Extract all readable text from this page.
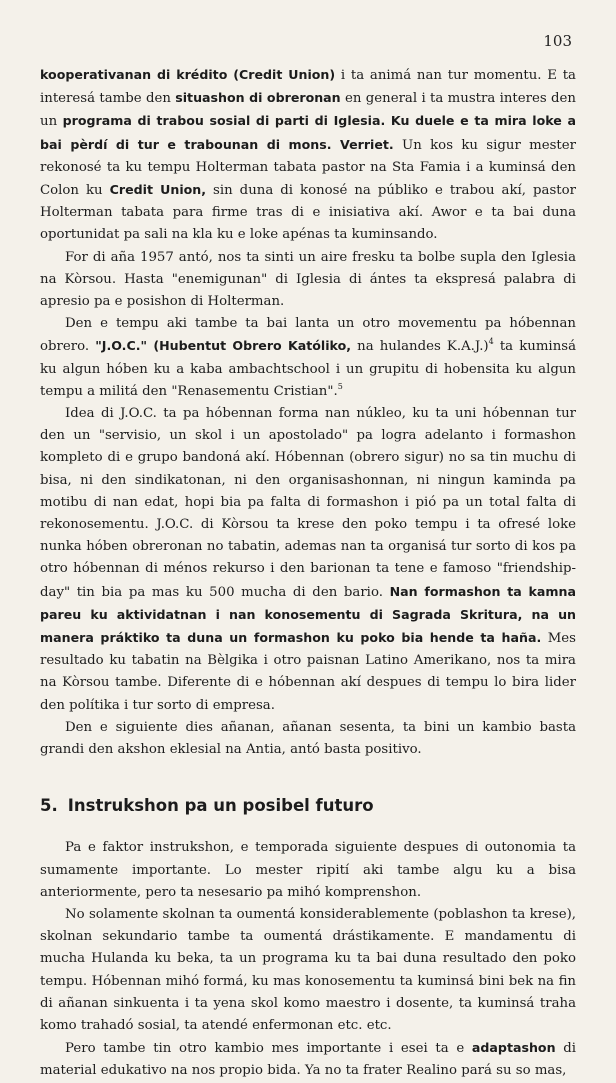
103

kooperativanan di krédito (Credit Union) i ta animá nan tur momentu. E ta interesá tambe den situashon di obreronan en general i ta mustra interes den un programa di trabou sosial di parti di Iglesia. Ku duele e ta mira loke a bai pèrdí di tur e trabounan di mons. Verriet. Un kos ku sigur mester rekonosé ta ku tempu Holterman tabata pastor na Sta Famia i a kuminsá den Colon ku Credit Union, sin duna di konosé na públiko e trabou akí, pastor Holterman tabata para firme tras di e inisiativa akí. Awor e ta bai duna oportunidat pa sali na kla ku e loke apénas ta kuminsando.

For di aña 1957 antó, nos ta sinti un aire fresku ta bolbe supla den Iglesia na Kòrsou. Hasta "enemigunan" di Iglesia di ántes ta ekspresá palabra di apresio pa e posishon di Holterman.

Den e tempu aki tambe ta bai lanta un otro movementu pa hóbennan obrero. "J.O.C." (Hubentut Obrero Katóliko, na hulandes K.A.J.)$^4$ ta kuminsá ku algun hóben ku a kaba ambachtschool i un grupitu di hobensita ku algun tempu a militá den "Renasementu Cristian".$^5$

Idea di J.O.C. ta pa hóbennan forma nan núkleo, ku ta uni hóbennan tur den un "servisio, un skol i un apostolado" pa logra adelanto i formashon kompleto di e grupo bandoná akí. Hóbennan (obrero sigur) no sa tin muchu di bisa, ni den sindikatonan, ni den organisashonnan, ni ningun kaminda pa motibu di nan edat, hopi bia pa falta di formashon i pió pa un total falta di rekonosementu. J.O.C. di Kòrsou ta krese den poko tempu i ta ofresé loke nunka hóben obreronan no tabatin, ademas nan ta organisá tur sorto di kos pa otro hóbennan di ménos rekurso i den barionan ta tene e famoso "friendship-day" tin bia pa mas ku 500 mucha di den bario. Nan formashon ta kamna pareu ku aktividatnan i nan konosementu di Sagrada Skritura, na un manera práktiko ta duna un formashon ku poko bia hende ta haña. Mes resultado ku tabatin na Bèlgika i otro paisnan Latino Amerikano, nos ta mira na Kòrsou tambe. Diferente di e hóbennan akí despues di tempu lo bira lider den polítika i tur sorto di empresa.

Den e siguiente dies añanan, añanan sesenta, ta bini un kambio basta grandi den akshon eklesial na Antia, antó basta positivo.

5. Instrukshon pa un posibel futuro

Pa e faktor instrukshon, e temporada siguiente despues di outonomia ta sumamente importante. Lo mester ripití aki tambe algu ku a bisa anteriormente, pero ta nesesario pa mihó komprenshon.

No solamente skolnan ta oumentá konsiderablemente (poblashon ta krese), skolnan sekundario tambe ta oumentá drástikamente. E mandamentu di mucha Hulanda ku beka, ta un programa ku ta bai duna resultado den poko tempu. Hóbennan mihó formá, ku mas konosementu ta kuminsá bini bek na fin di añanan sinkuenta i ta yena skol komo maestro i dosente, ta kuminsá traha komo trahadó sosial, ta atendé enfermonan etc. etc.

Pero tambe tin otro kambio mes importante i esei ta e adaptashon di material edukativo na nos propio bida. Ya no ta frater Realino pará su so mas,
